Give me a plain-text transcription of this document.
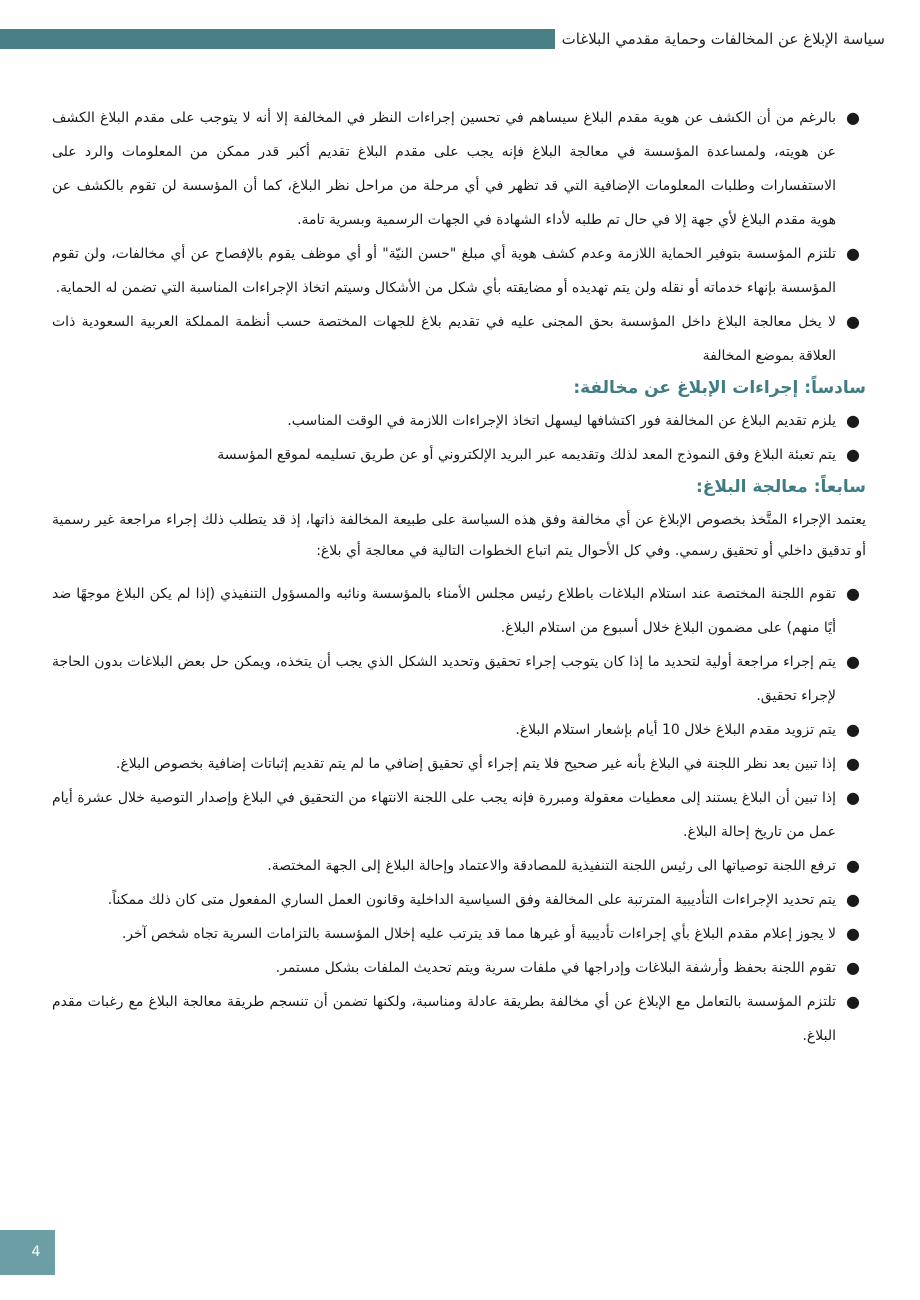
سياسة الإبلاغ عن المخالفات وحماية مقدمي البلاغات
●
بالرغم من أن الكشف عن هوية مقدم البلاغ سيساهم في تحسين إجراءات النظر في المخالفة إلا أنه لا يتوجب على مقدم البلاغ الكشف عن هويته، ولمساعدة المؤسسة في معالجة البلاغ فإنه يجب على مقدم البلاغ تقديم أكبر قدر ممكن من المعلومات والرد على الاستفسارات وطلبات المعلومات الإضافية التي قد تظهر في أي مرحلة من مراحل نظر البلاغ، كما أن المؤسسة لن تقوم بالكشف عن هوية مقدم البلاغ لأي جهة إلا في حال تم طلبه لأداء الشهادة في الجهات الرسمية وبسرية تامة.
●
تلتزم المؤسسة بتوفير الحماية اللازمة وعدم كشف هوية أي مبلغ "حسن النيّة" أو أي موظف يقوم بالإفصاح عن أي مخالفات، ولن تقوم المؤسسة بإنهاء خدماته أو نقله ولن يتم تهديده أو مضايقته بأي شكل من الأشكال وسيتم اتخاذ الإجراءات المناسبة التي تضمن له الحماية.
●
لا يخل معالجة البلاغ داخل المؤسسة بحق المجنى عليه في تقديم بلاغ للجهات المختصة حسب أنظمة المملكة العربية السعودية ذات العلاقة بموضع المخالفة
سادساً: إجراءات الإبلاغ عن مخالفة:
●
يلزم تقديم البلاغ عن المخالفة فور اكتشافها ليسهل اتخاذ الإجراءات اللازمة في الوقت المناسب.
●
يتم تعبئة البلاغ وفق النموذج المعد لذلك وتقديمه عبر البريد الإلكتروني أو عن طريق تسليمه لموقع المؤسسة
سابعاً: معالجة البلاغ:

يعتمد الإجراء المتَّخذ بخصوص الإبلاغ عن أي مخالفة وفق هذه السياسة على طبيعة المخالفة ذاتها، إذ قد يتطلب ذلك إجراء مراجعة غير رسمية أو تدقيق داخلي أو تحقيق رسمي. وفي كل الأحوال يتم اتباع الخطوات التالية في معالجة أي بلاغ:

●
تقوم اللجنة المختصة عند استلام البلاغات باطلاع رئيس مجلس الأمناء بالمؤسسة ونائبه والمسؤول التنفيذي (إذا لم يكن البلاغ موجهًا ضد أيًا منهم) على مضمون البلاغ خلال أسبوع من استلام البلاغ.
●
يتم إجراء مراجعة أولية لتحديد ما إذا كان يتوجب إجراء تحقيق وتحديد الشكل الذي يجب أن يتخذه، ويمكن حل بعض البلاغات بدون الحاجة لإجراء تحقيق.
●
يتم تزويد مقدم البلاغ خلال 10 أيام بإشعار استلام البلاغ.
●
إذا تبين بعد نظر اللجنة في البلاغ بأنه غير صحيح فلا يتم إجراء أي تحقيق إضافي ما لم يتم تقديم إثباتات إضافية بخصوص البلاغ.
●
إذا تبين أن البلاغ يستند إلى معطيات معقولة ومبررة فإنه يجب على اللجنة الانتهاء من التحقيق في البلاغ وإصدار التوصية خلال عشرة أيام عمل من تاريخ إحالة البلاغ.
●
ترفع اللجنة توصياتها الى رئيس اللجنة التنفيذية للمصادقة والاعتماد وإحالة البلاغ إلى الجهة المختصة.
●
يتم تحديد الإجراءات التأديبية المترتبة على المخالفة وفق السياسية الداخلية وقانون العمل الساري المفعول متى كان ذلك ممكناً.
●
لا يجوز إعلام مقدم البلاغ بأي إجراءات تأديبية أو غيرها مما قد يترتب عليه إخلال المؤسسة بالتزامات السرية تجاه شخص آخر.
●
تقوم اللجنة بحفظ وأرشفة البلاغات وإدراجها في ملفات سرية ويتم تحديث الملفات بشكل مستمر.
●
تلتزم المؤسسة بالتعامل مع الإبلاغ عن أي مخالفة بطريقة عادلة ومناسبة، ولكنها تضمن أن تنسجم طريقة معالجة البلاغ مع رغبات مقدم البلاغ.
4
